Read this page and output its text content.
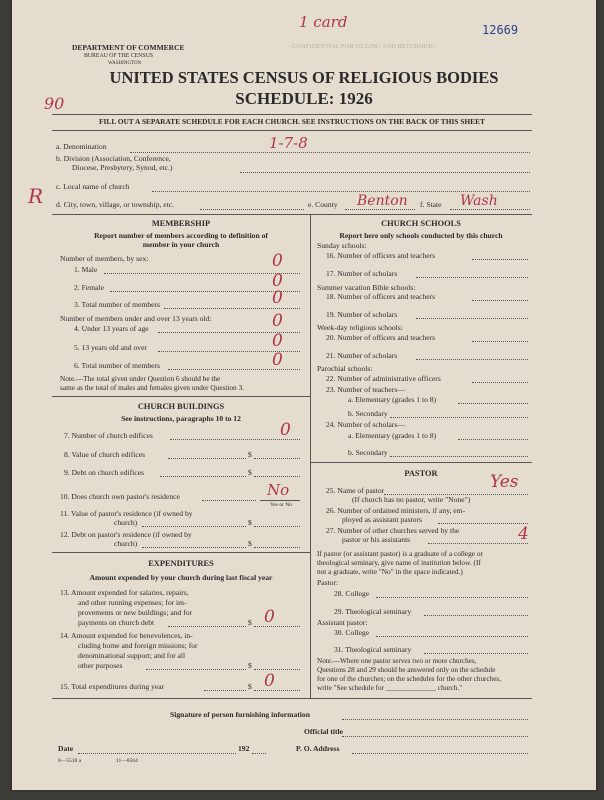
1 card	12669
CONFIDENTIAL FOR FILLING AND RETURNING
DEPARTMENT OF COMMERCE
BUREAU OF THE CENSUS
WASHINGTON
UNITED STATES CENSUS OF RELIGIOUS BODIES
SCHEDULE: 1926
90
FILL OUT A SEPARATE SCHEDULE FOR EACH CHURCH. SEE INSTRUCTIONS ON THE BACK OF THIS SHEET
a. Denomination	1-7-8
b. Division (Association, Conference,
Diocese, Presbytery, Synod, etc.)
R c. Local name of church
d. City, town, village, or township, etc.	e. County Benton f. State Wash
MEMBERSHIP
Report number of members according to definition of
member in your church
Number of members, by sex:
1. Male	0
2. Female	0
3. Total number of members	0
Number of members under and over 13 years old:
4. Under 13 years of age	0
5. 13 years old and over	0
6. Total number of members	0
Note.—The total given under Question 6 should be the
same as the total of males and females given under Question 3.
CHURCH BUILDINGS
See instructions, paragraphs 10 to 12
7. Number of church edifices	0
8. Value of church edifices	$
9. Debt on church edifices	$
10. Does church own pastor's residence	No
Yes or No
11. Value of pastor's residence (if owned by
church)	$
12. Debt on pastor's residence (if owned by
church)	$
EXPENDITURES
Amount expended by your church during last fiscal year
13. Amount expended for salaries, repairs,
and other running expenses; for im-
provements or new buildings; and for
payments on church debt	$ 0
14. Amount expended for benevolences, in-
cluding home and foreign missions; for
denominational support; and for all
other purposes	$
15. Total expenditures during year	$ 0
CHURCH SCHOOLS
Report here only schools conducted by this church
Sunday schools:
16. Number of officers and teachers
17. Number of scholars
Summer vacation Bible schools:
18. Number of officers and teachers
19. Number of scholars
Week-day religious schools:
20. Number of officers and teachers
21. Number of scholars
Parochial schools:
22. Number of administrative officers
23. Number of teachers—
a. Elementary (grades 1 to 8)
b. Secondary
24. Number of scholars—
a. Elementary (grades 1 to 8)
b. Secondary
PASTOR
25. Name of pastor	Yes
(If church has no pastor, write "None")
26. Number of ordained ministers, if any, em-
ployed as assistant pastors
27. Number of other churches served by the
pastor or his assistants	4
If pastor (or assistant pastor) is a graduate of a college or
theological seminary, give name of institution below. (If
not a graduate, write "No" in the space indicated.)
Pastor:
28. College
29. Theological seminary
Assistant pastor:
30. College
31. Theological seminary
Note.—Where one pastor serves two or more churches,
Questions 28 and 29 should be answered only on the schedule
for one of the churches; on the schedules for the other churches,
write "See schedule for ______________ church."
Signature of person furnishing information
Official title
Date	192	P. O. Address
8—5518 a	11—0564
